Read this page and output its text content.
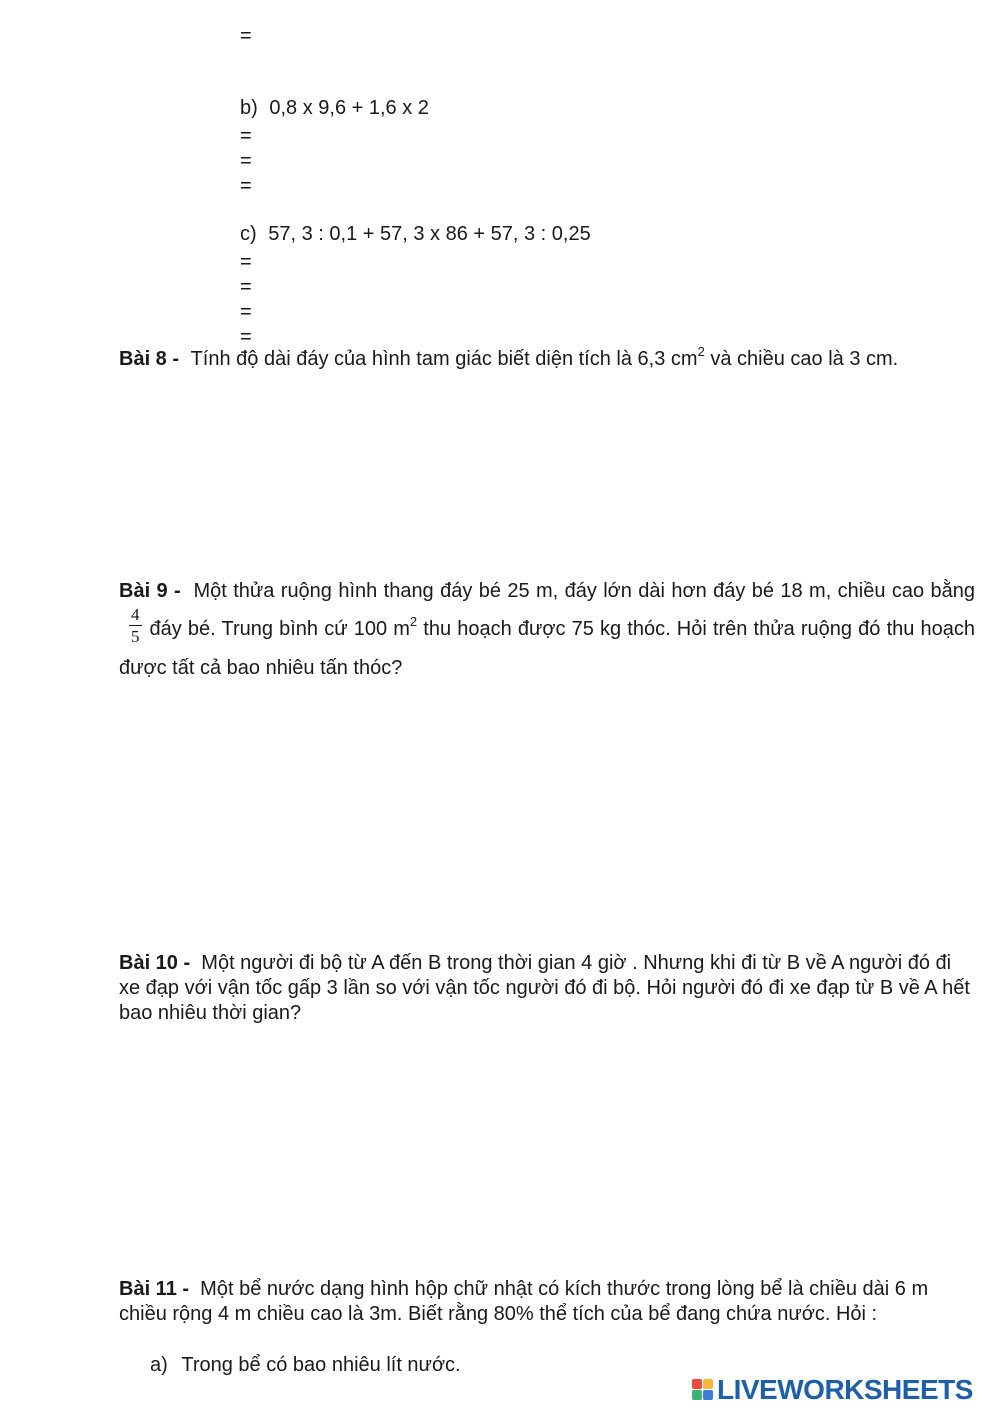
=
b) 0,8 x 9,6 + 1,6 x 2
=
=
=
c) 57, 3 : 0,1 + 57, 3 x 86 + 57, 3 : 0,25
=
=
=
=
Bài 8 - Tính độ dài đáy của hình tam giác biết diện tích là 6,3 $cm^2$ và chiều cao là 3 cm.
Bài 9 - Một thửa ruộng hình thang đáy bé 25 m, đáy lớn dài hơn đáy bé 18 m, chiều cao bằng
$\frac{4}{5}$ đáy bé. Trung bình cứ 100 $m^2$ thu hoạch được 75 kg thóc. Hỏi trên thửa ruộng đó thu hoạch được tất cả bao nhiêu tấn thóc?
Bài 10 - Một người đi bộ từ A đến B trong thời gian 4 giờ . Nhưng khi đi từ B về A người đó đi xe đạp với vận tốc gấp 3 lần so với vận tốc người đó đi bộ. Hỏi người đó đi xe đạp từ B về A hết bao nhiêu thời gian?
Bài 11 - Một bể nước dạng hình hộp chữ nhật có kích thước trong lòng bể là chiều dài 6 m chiều rộng 4 m chiều cao là 3m. Biết rằng 80% thể tích của bể đang chứa nước. Hỏi :
a) Trong bể có bao nhiêu lít nước.
LIVEWORKSHEETS
